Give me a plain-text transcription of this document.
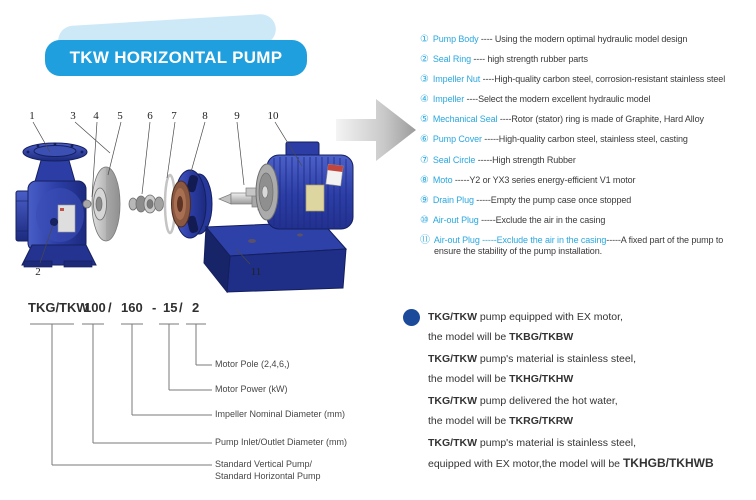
TKW HORIZONTAL PUMP
1	3 4 5 6 7 8 9	10
2	11
① Pump Body ---- Using the modern optimal hydraulic model design
② Seal Ring ---- high strength rubber parts
③ Impeller Nut ----High-quality carbon steel, corrosion-resistant stainless steel
④ Impeller ----Select the modern excellent hydraulic model
⑤ Mechanical Seal ----Rotor (stator) ring is made of Graphite, Hard Alloy
⑥ Pump Cover -----High-quality carbon steel, stainless steel, casting
⑦ Seal Circle -----High strength Rubber
⑧ Moto -----Y2 or YX3 series energy-efficient V1 motor
⑨ Drain Plug -----Empty the pump case once stopped
⑩ Air-out Plug -----Exclude the air in the casing
⑪ Air-out Plug -----Exclude the air in the casing-----A fixed part of the pump to ensure the stability of the pump installation.
TKG/TKW
100 / 160 - 15 / 2
Motor Pole (2,4,6,)
Motor Power (kW)
Impeller Nominal Diameter (mm)
Pump Inlet/Outlet Diameter (mm)
Standard Vertical Pump/
Standard Horizontal Pump
TKG/TKW pump equipped with EX motor,
the model will be TKBG/TKBW
TKG/TKW pump's material is stainless steel,
the model will be TKHG/TKHW
TKG/TKW pump delivered the hot water,
the model will be TKRG/TKRW
TKG/TKW pump's material is stainless steel,
equipped with EX motor,the model will be TKHGB/TKHWB
